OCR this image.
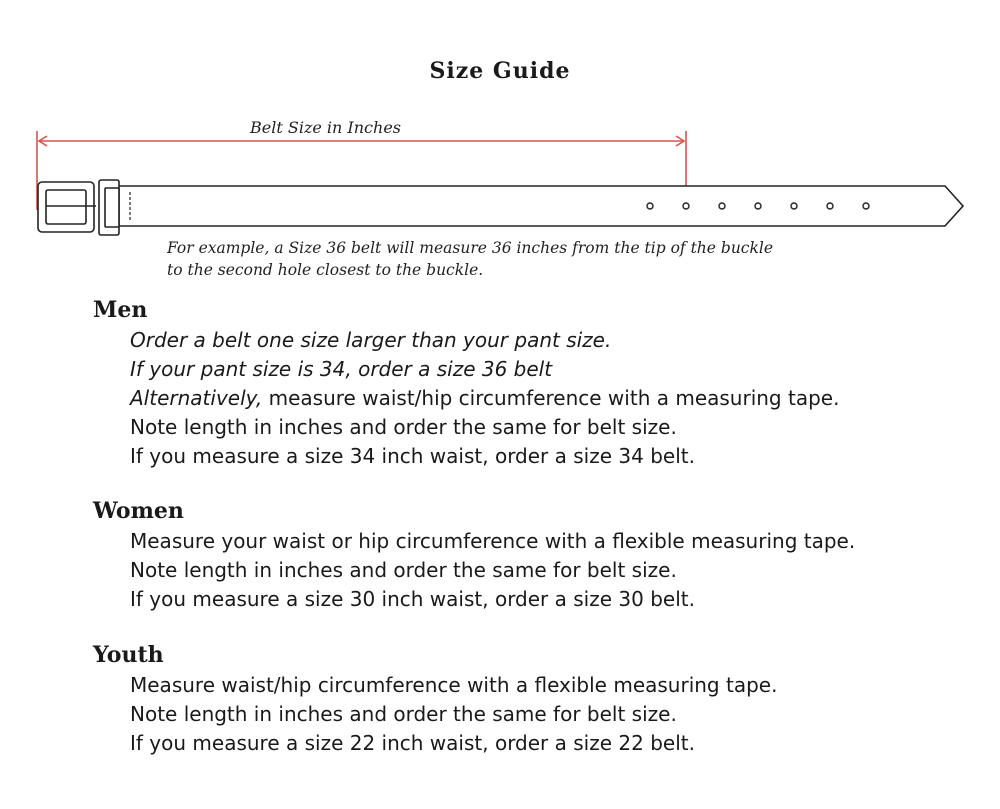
Size Guide
Belt Size in Inches
For example, a Size 36 belt will measure 36 inches from the tip of the buckle
to the second hole closest to the buckle.
Men
Order a belt one size larger than your pant size.
If your pant size is 34, order a size 36 belt
Alternatively, measure waist/hip circumference with a measuring tape.
Note length in inches and order the same for belt size.
If you measure a size 34 inch waist, order a size 34 belt.
Women
Measure your waist or hip circumference with a flexible measuring tape.
Note length in inches and order the same for belt size.
If you measure a size 30 inch waist, order a size 30 belt.
Youth
Measure waist/hip circumference with a flexible measuring tape.
Note length in inches and order the same for belt size.
If you measure a size 22 inch waist, order a size 22 belt.
